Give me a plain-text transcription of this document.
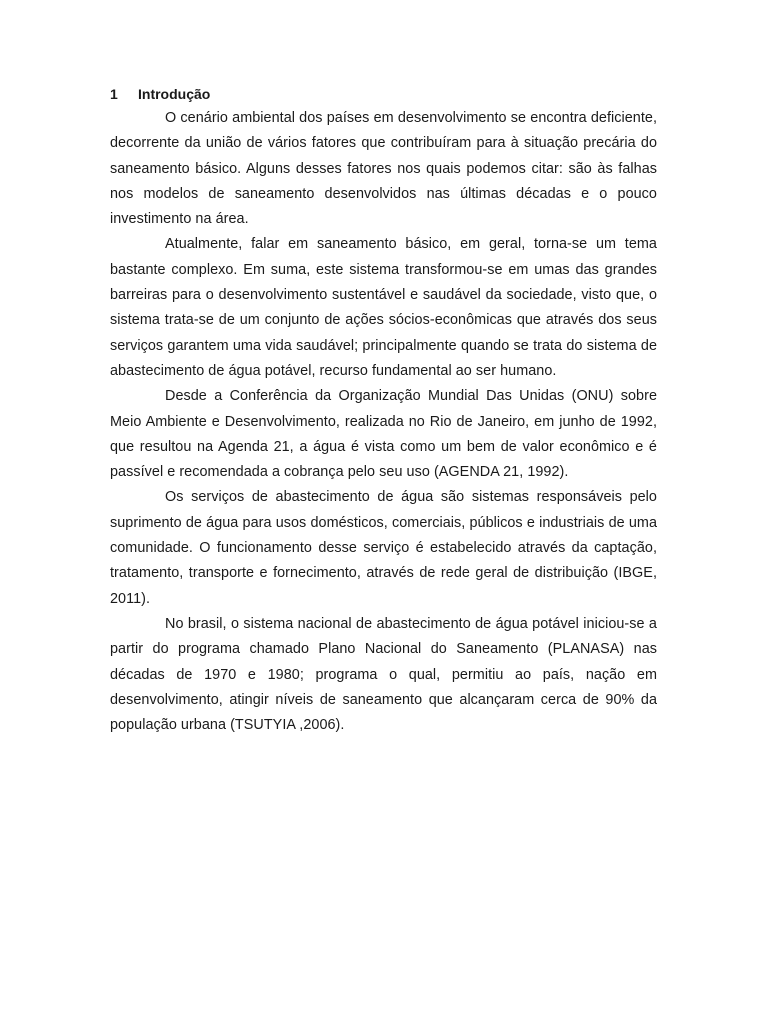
1 Introdução

O cenário ambiental dos países em desenvolvimento se encontra deficiente, decorrente da união de vários fatores que contribuíram para à situação precária do saneamento básico. Alguns desses fatores nos quais podemos citar: são às falhas nos modelos de saneamento desenvolvidos nas últimas décadas e o pouco investimento na área.

Atualmente, falar em saneamento básico, em geral, torna-se um tema bastante complexo. Em suma, este sistema transformou-se em umas das grandes barreiras para o desenvolvimento sustentável e saudável da sociedade, visto que, o sistema trata-se de um conjunto de ações sócios-econômicas que através dos seus serviços garantem uma vida saudável; principalmente quando se trata do sistema de abastecimento de água potável, recurso fundamental ao ser humano.

Desde a Conferência da Organização Mundial Das Unidas (ONU) sobre Meio Ambiente e Desenvolvimento, realizada no Rio de Janeiro, em junho de 1992, que resultou na Agenda 21, a água é vista como um bem de valor econômico e é passível e recomendada a cobrança pelo seu uso (AGENDA 21, 1992).

Os serviços de abastecimento de água são sistemas responsáveis pelo suprimento de água para usos domésticos, comerciais, públicos e industriais de uma comunidade. O funcionamento desse serviço é estabelecido através da captação, tratamento, transporte e fornecimento, através de rede geral de distribuição (IBGE, 2011).

No brasil, o sistema nacional de abastecimento de água potável iniciou-se a partir do programa chamado Plano Nacional do Saneamento (PLANASA) nas décadas de 1970 e 1980; programa o qual, permitiu ao país, nação em desenvolvimento, atingir níveis de saneamento que alcançaram cerca de 90% da população urbana (TSUTYIA ,2006).
